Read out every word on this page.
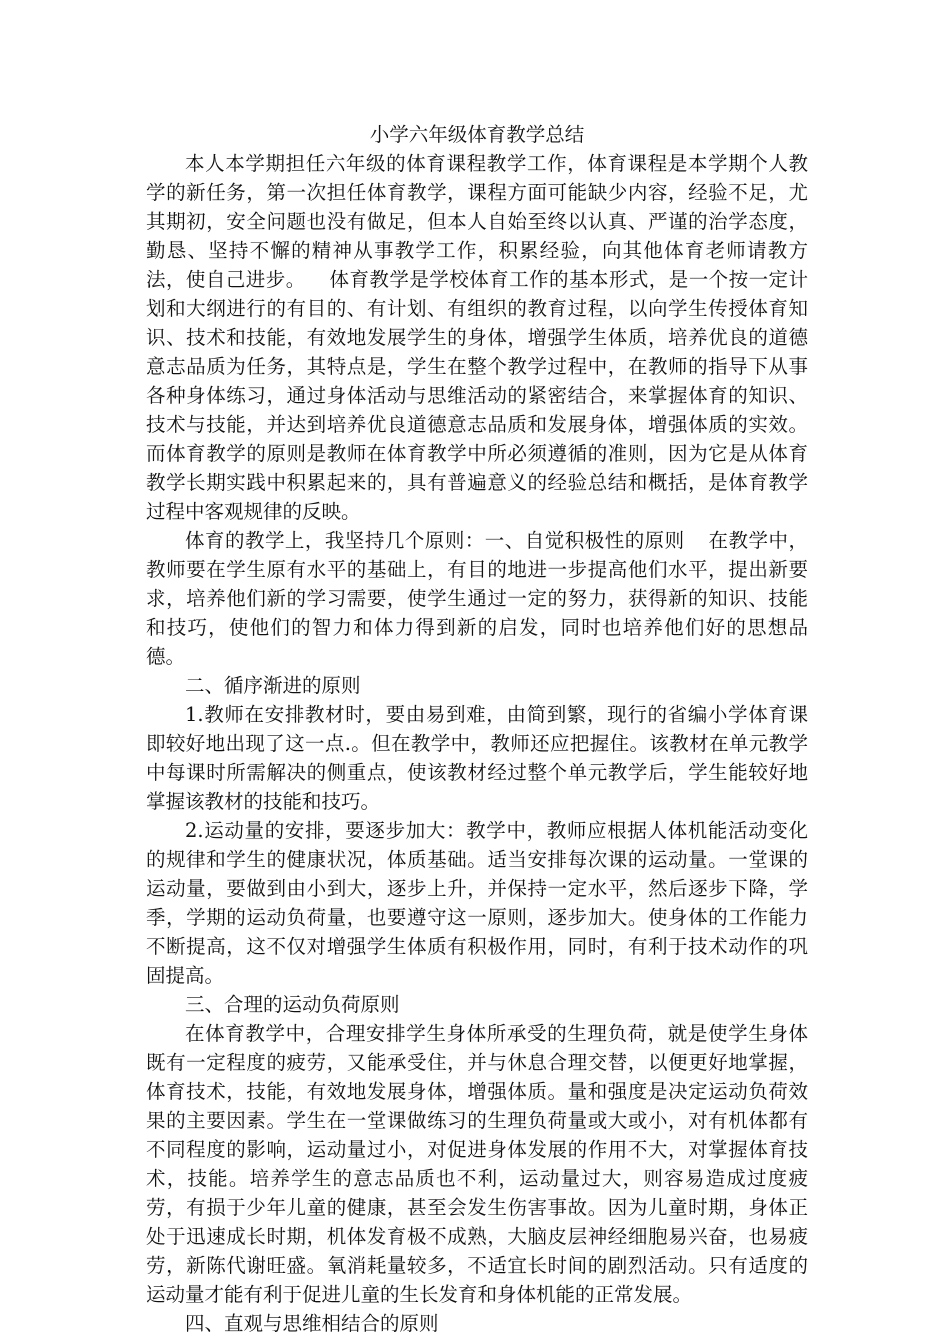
小学六年级体育教学总结

本人本学期担任六年级的体育课程教学工作，体育课程是本学期个人教学的新任务，第一次担任体育教学，课程方面可能缺少内容，经验不足，尤其期初，安全问题也没有做足，但本人自始至终以认真、严谨的治学态度，勤恳、坚持不懈的精神从事教学工作，积累经验，向其他体育老师请教方法，使自己进步。 体育教学是学校体育工作的基本形式，是一个按一定计划和大纲进行的有目的、有计划、有组织的教育过程，以向学生传授体育知识、技术和技能，有效地发展学生的身体，增强学生体质，培养优良的道德意志品质为任务，其特点是，学生在整个教学过程中，在教师的指导下从事各种身体练习，通过身体活动与思维活动的紧密结合，来掌握体育的知识、技术与技能，并达到培养优良道德意志品质和发展身体，增强体质的实效。而体育教学的原则是教师在体育教学中所必须遵循的准则，因为它是从体育教学长期实践中积累起来的，具有普遍意义的经验总结和概括，是体育教学过程中客观规律的反映。

体育的教学上，我坚持几个原则：一、自觉积极性的原则 在教学中，教师要在学生原有水平的基础上，有目的地进一步提高他们水平，提出新要求，培养他们新的学习需要，使学生通过一定的努力，获得新的知识、技能和技巧，使他们的智力和体力得到新的启发，同时也培养他们好的思想品德。

二、循序渐进的原则

1.教师在安排教材时，要由易到难，由简到繁，现行的省编小学体育课即较好地出现了这一点.。但在教学中，教师还应把握住。该教材在单元教学中每课时所需解决的侧重点，使该教材经过整个单元教学后，学生能较好地掌握该教材的技能和技巧。

2.运动量的安排，要逐步加大：教学中，教师应根据人体机能活动变化的规律和学生的健康状况，体质基础。适当安排每次课的运动量。一堂课的运动量，要做到由小到大，逐步上升，并保持一定水平，然后逐步下降，学季，学期的运动负荷量，也要遵守这一原则，逐步加大。使身体的工作能力不断提高，这不仅对增强学生体质有积极作用，同时，有利于技术动作的巩固提高。

三、合理的运动负荷原则

在体育教学中，合理安排学生身体所承受的生理负荷，就是使学生身体既有一定程度的疲劳，又能承受住，并与休息合理交替，以便更好地掌握，体育技术，技能，有效地发展身体，增强体质。量和强度是决定运动负荷效果的主要因素。学生在一堂课做练习的生理负荷量或大或小，对有机体都有不同程度的影响，运动量过小，对促进身体发展的作用不大，对掌握体育技术，技能。培养学生的意志品质也不利，运动量过大，则容易造成过度疲劳，有损于少年儿童的健康，甚至会发生伤害事故。因为儿童时期，身体正处于迅速成长时期，机体发育极不成熟，大脑皮层神经细胞易兴奋，也易疲劳，新陈代谢旺盛。氧消耗量较多，不适宜长时间的剧烈活动。只有适度的运动量才能有利于促进儿童的生长发育和身体机能的正常发展。

四、直观与思维相结合的原则
